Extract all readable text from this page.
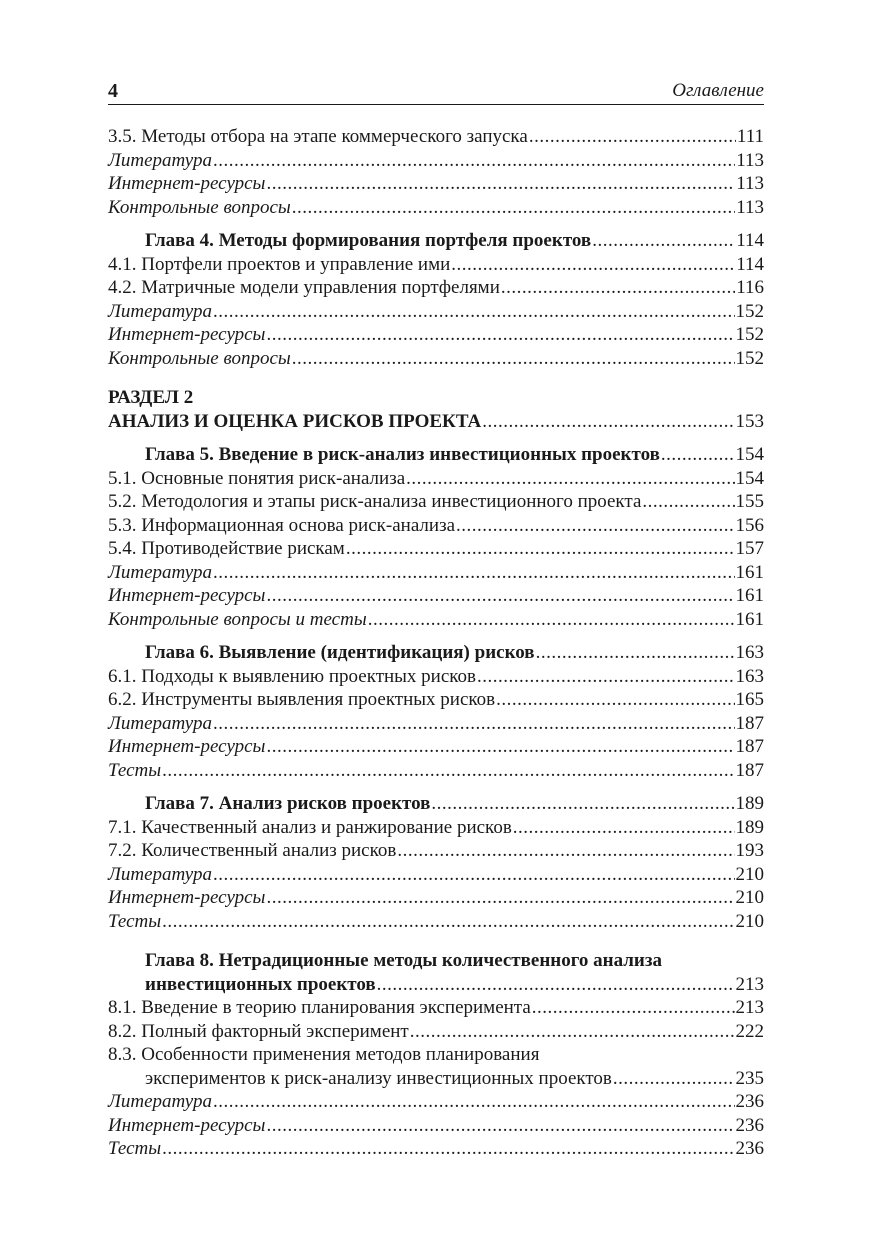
4	Оглавление
3.5. Методы отбора на этапе коммерческого запуска .....	111
Литература .....	113
Интернет-ресурсы .....	113
Контрольные вопросы .....	113
Глава 4. Методы формирования портфеля проектов .....	114
4.1. Портфели проектов и управление ими .....	114
4.2. Матричные модели управления портфелями .....	116
Литература .....	152
Интернет-ресурсы .....	152
Контрольные вопросы .....	152
РАЗДЕЛ 2
АНАЛИЗ И ОЦЕНКА РИСКОВ ПРОЕКТА .....	153
Глава 5. Введение в риск-анализ инвестиционных проектов .....	154
5.1. Основные понятия риск-анализа .....	154
5.2. Методология и этапы риск-анализа инвестиционного проекта .....	155
5.3. Информационная основа риск-анализа .....	156
5.4. Противодействие рискам .....	157
Литература .....	161
Интернет-ресурсы .....	161
Контрольные вопросы и тесты .....	161
Глава 6. Выявление (идентификация) рисков .....	163
6.1. Подходы к выявлению проектных рисков .....	163
6.2. Инструменты выявления проектных рисков .....	165
Литература .....	187
Интернет-ресурсы .....	187
Тесты .....	187
Глава 7. Анализ рисков проектов .....	189
7.1. Качественный анализ и ранжирование рисков .....	189
7.2. Количественный анализ рисков .....	193
Литература .....	210
Интернет-ресурсы .....	210
Тесты .....	210
Глава 8. Нетрадиционные методы количественного анализа
инвестиционных проектов .....	213
8.1. Введение в теорию планирования эксперимента .....	213
8.2. Полный факторный эксперимент .....	222
8.3. Особенности применения методов планирования
экспериментов к риск-анализу инвестиционных проектов .....	235
Литература .....	236
Интернет-ресурсы .....	236
Тесты .....	236
